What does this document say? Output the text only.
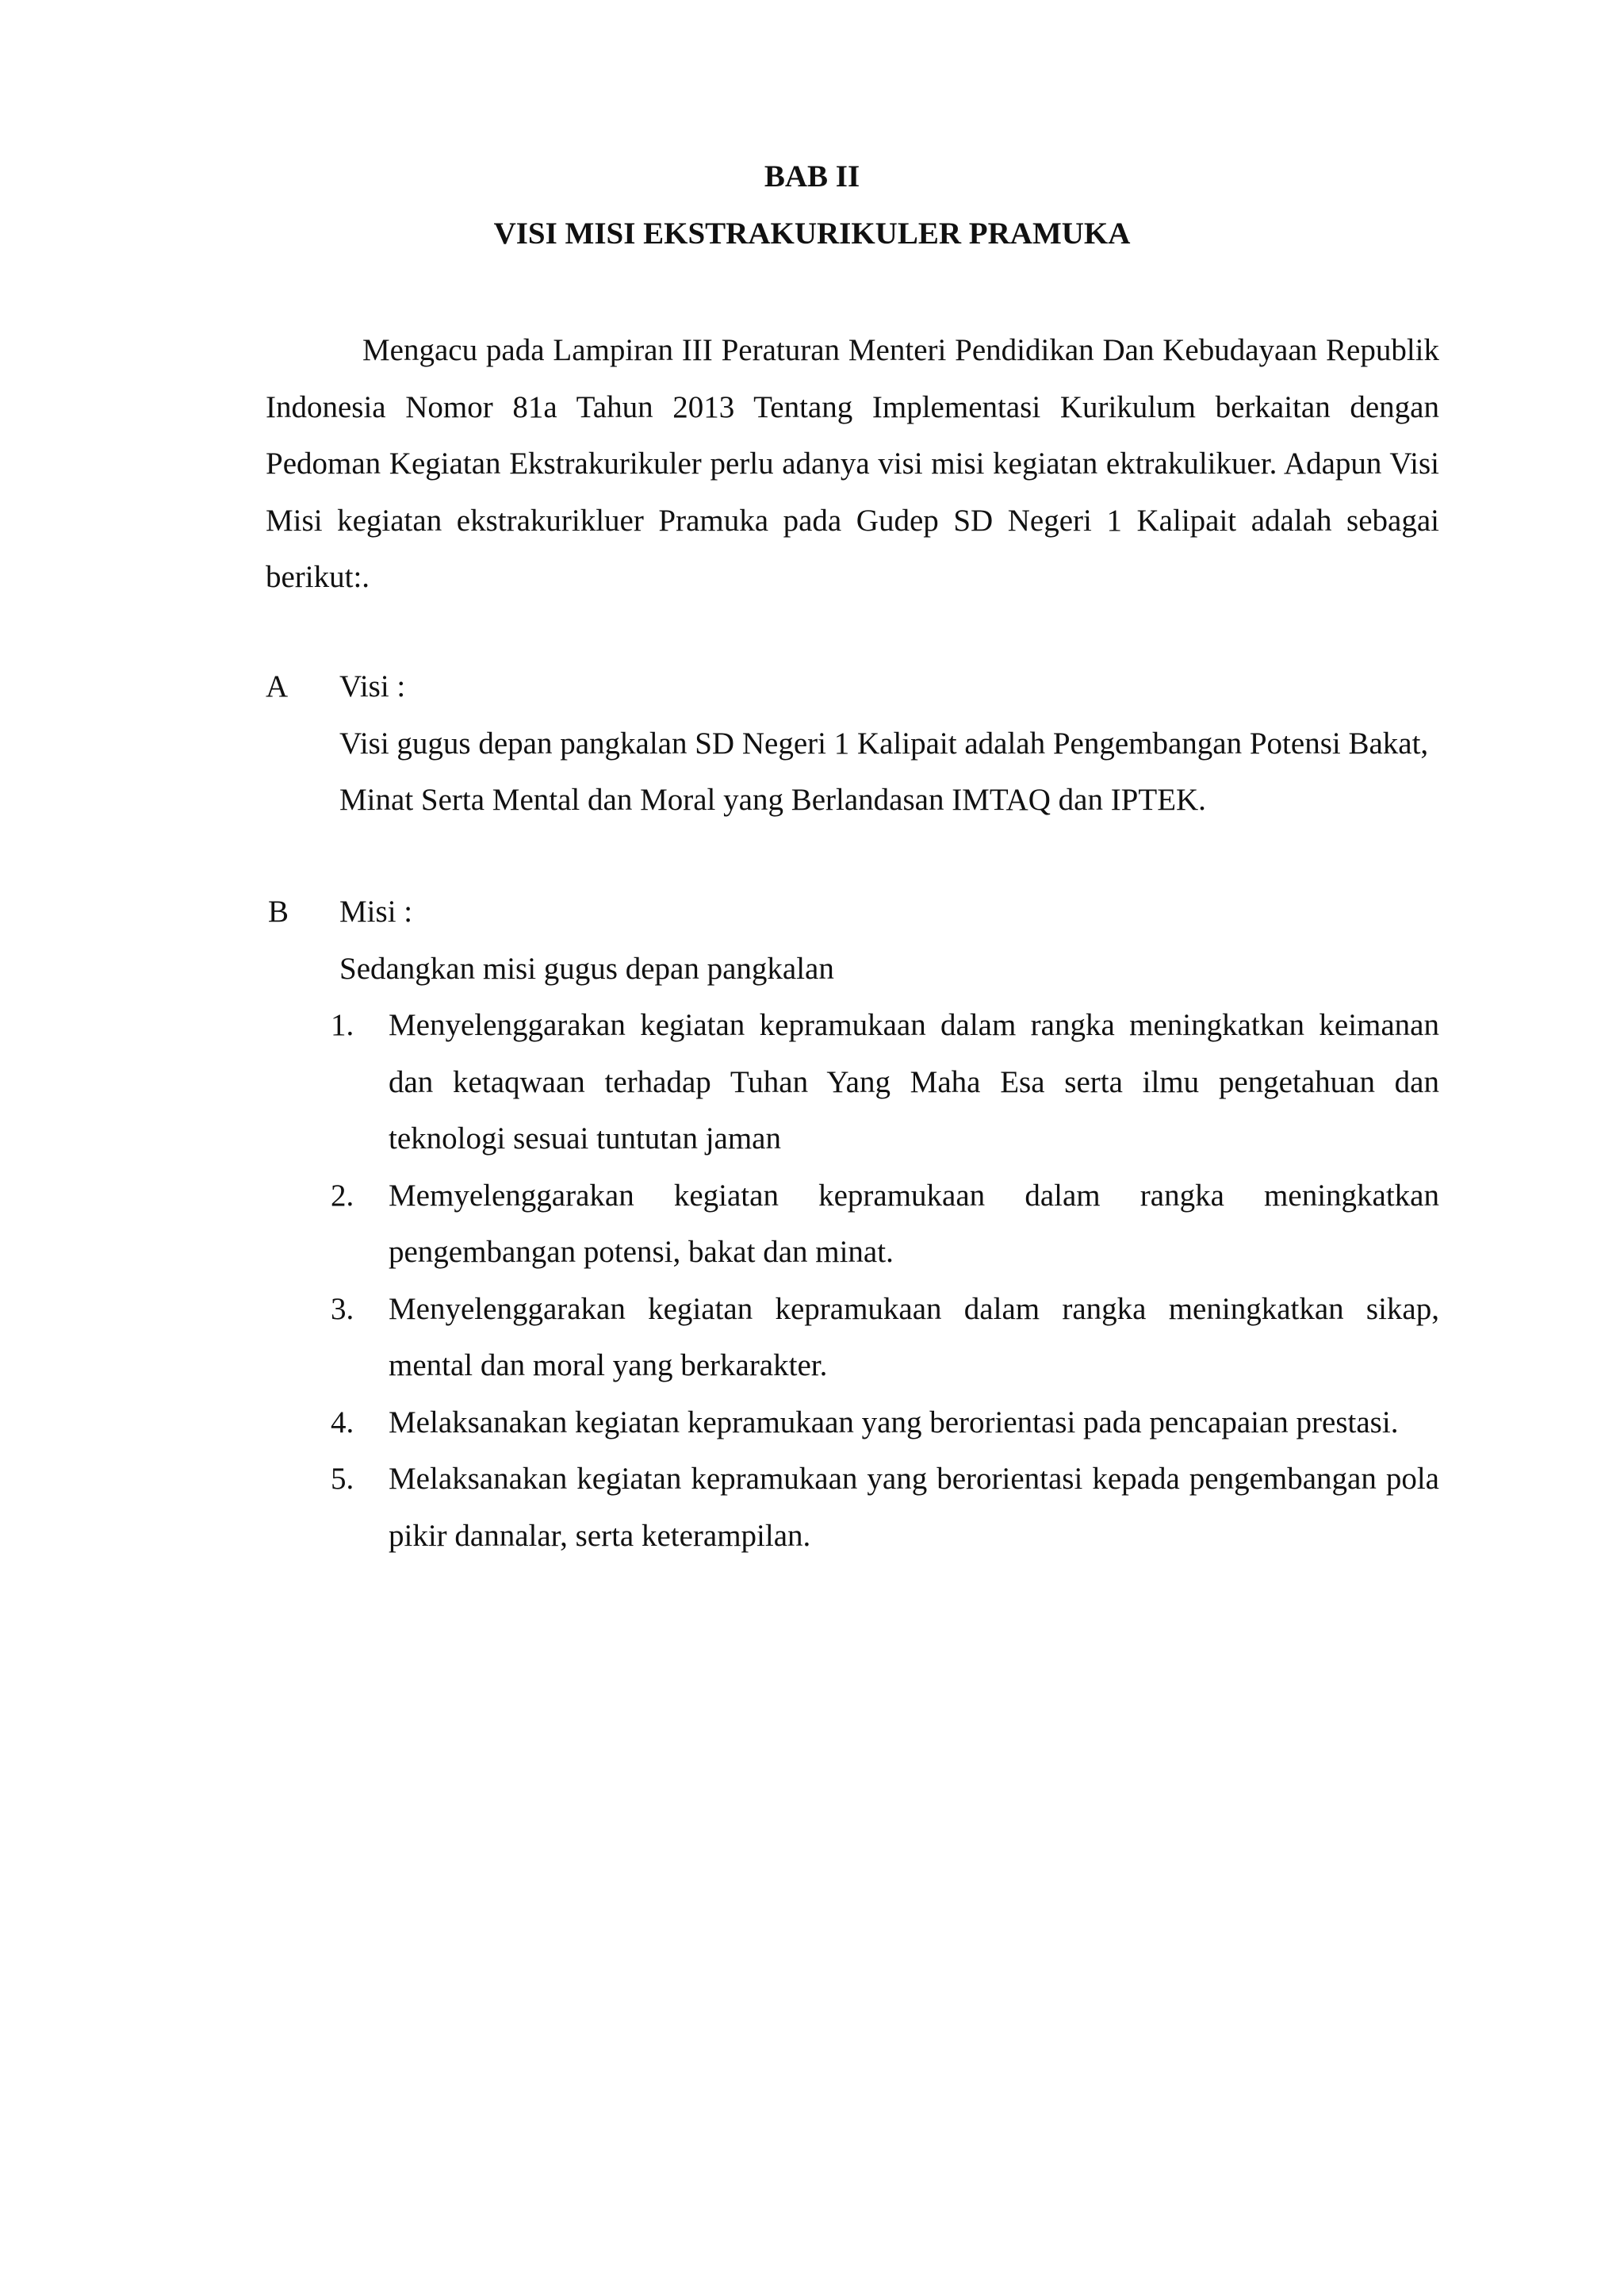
BAB II
VISI MISI EKSTRAKURIKULER PRAMUKA

Mengacu pada Lampiran III Peraturan Menteri Pendidikan Dan Kebudayaan Republik Indonesia Nomor 81a Tahun 2013 Tentang Implementasi Kurikulum berkaitan dengan Pedoman Kegiatan Ekstrakurikuler perlu adanya visi misi kegiatan ektrakulikuer. Adapun Visi Misi kegiatan ekstrakurikluer Pramuka pada Gudep SD Negeri 1 Kalipait adalah sebagai berikut:.

A Visi :

Visi gugus depan pangkalan SD Negeri 1 Kalipait adalah Pengembangan Potensi Bakat, Minat Serta Mental dan Moral yang Berlandasan IMTAQ dan IPTEK.

B Misi :

Sedangkan misi gugus depan pangkalan

1. Menyelenggarakan kegiatan kepramukaan dalam rangka meningkatkan keimanan dan ketaqwaan terhadap Tuhan Yang Maha Esa serta ilmu pengetahuan dan teknologi sesuai tuntutan jaman
2. Memyelenggarakan kegiatan kepramukaan dalam rangka meningkatkan pengembangan potensi, bakat dan minat.
3. Menyelenggarakan kegiatan kepramukaan dalam rangka meningkatkan sikap, mental dan moral yang berkarakter.
4. Melaksanakan kegiatan kepramukaan yang berorientasi pada pencapaian prestasi.
5. Melaksanakan kegiatan kepramukaan yang berorientasi kepada pengembangan pola pikir dannalar, serta keterampilan.
